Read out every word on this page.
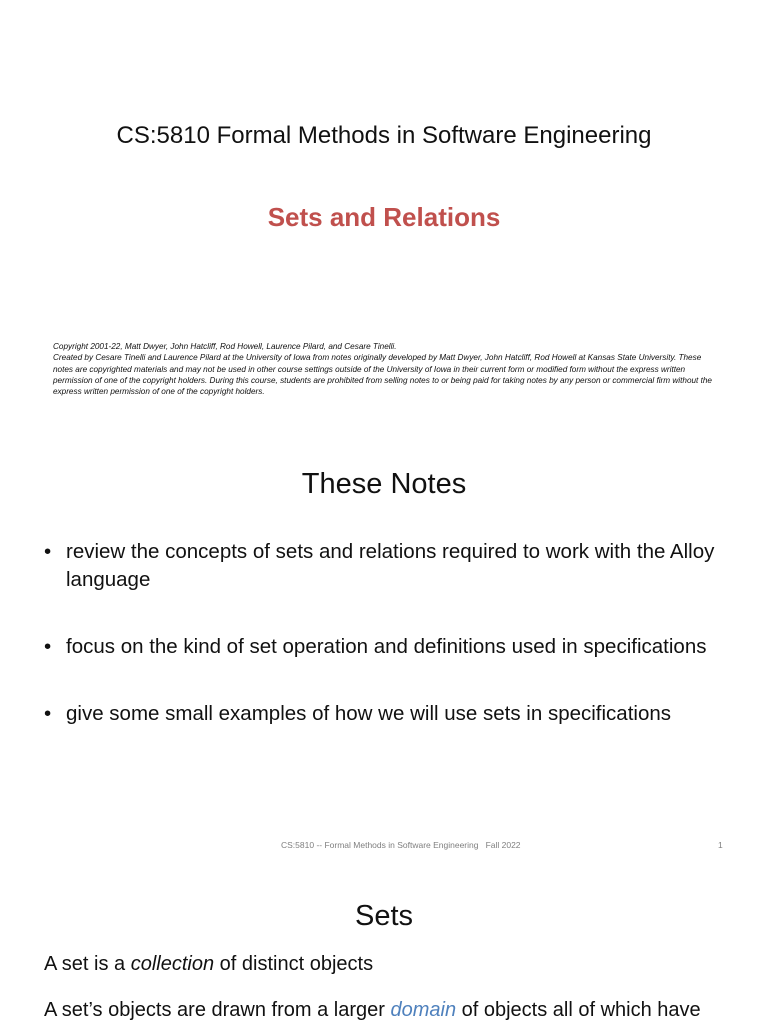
CS:5810 Formal Methods in Software Engineering
Sets and Relations

Copyright 2001-22, Matt Dwyer, John Hatcliff, Rod Howell, Laurence Pilard, and Cesare Tinelli.

Created by Cesare Tinelli and Laurence Pilard at the University of Iowa from notes originally developed by Matt Dwyer, John Hatcliff, Rod Howell at Kansas State University. These notes are copyrighted materials and may not be used in other course settings outside of the University of Iowa in their current form or modified form without the express written permission of one of the copyright holders. During this course, students are prohibited from selling notes to or being paid for taking notes by any person or commercial firm without the express written permission of one of the copyright holders.

These Notes
• review the concepts of sets and relations required to work with the Alloy language
• focus on the kind of set operation and definitions used in specifications
• give some small examples of how we will use sets in specifications
CS:5810 -- Formal Methods in Software Engineering   Fall 2022	1
Sets
A set is a collection of distinct objects
A set’s objects are drawn from a larger domain of objects all of which have
